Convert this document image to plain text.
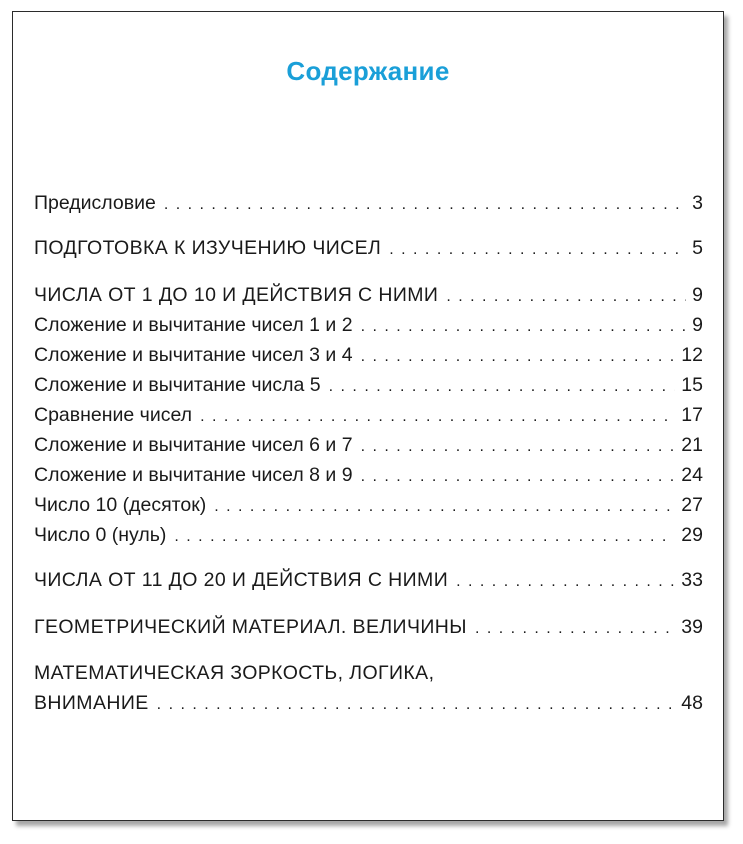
Содержание
Предисловие . . .	3
ПОДГОТОВКА К ИЗУЧЕНИЮ ЧИСЕЛ . . .	5
ЧИСЛА ОТ 1 ДО 10 И ДЕЙСТВИЯ С НИМИ . . .	9
Сложение и вычитание чисел 1 и 2 . . .	9
Сложение и вычитание чисел 3 и 4 . . .	12
Сложение и вычитание числа 5 . . .	15
Сравнение чисел . . .	17
Сложение и вычитание чисел 6 и 7 . . .	21
Сложение и вычитание чисел 8 и 9 . . .	24
Число 10 (десяток) . . .	27
Число 0 (нуль) . . .	29
ЧИСЛА ОТ 11 ДО 20 И ДЕЙСТВИЯ С НИМИ . . .	33
ГЕОМЕТРИЧЕСКИЙ МАТЕРИАЛ. ВЕЛИЧИНЫ . . .	39
МАТЕМАТИЧЕСКАЯ ЗОРКОСТЬ, ЛОГИКА,
ВНИМАНИЕ . . .	48
